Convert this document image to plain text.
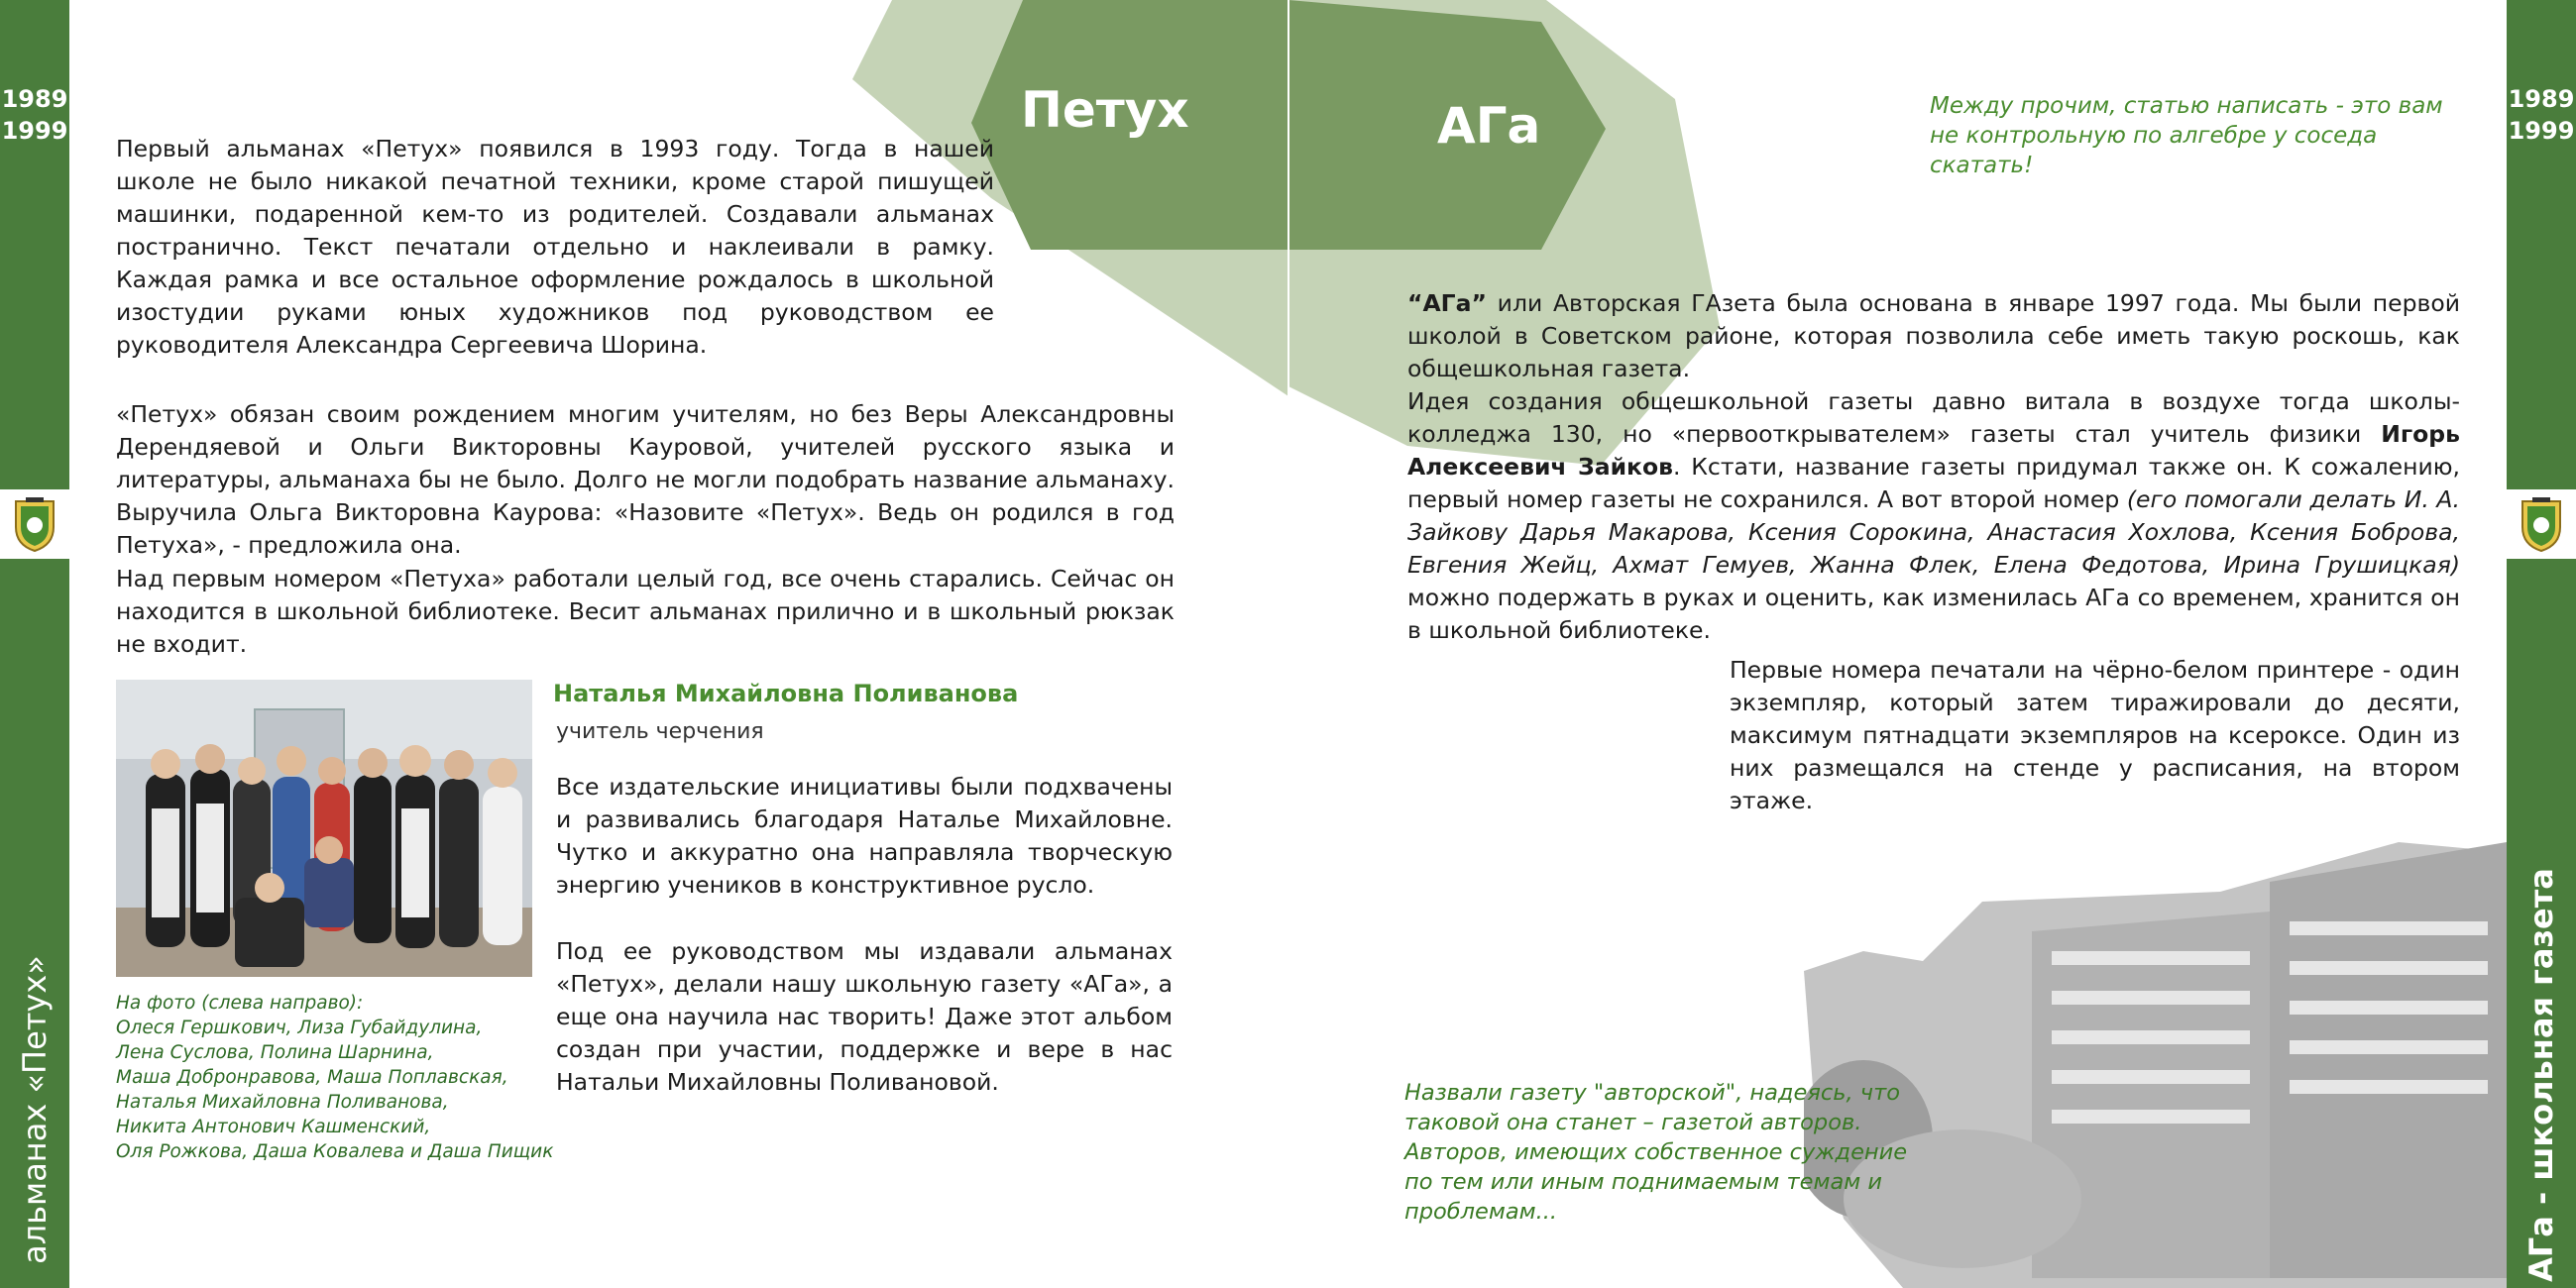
1989
1999
альманах «Петух»
1989
1999
АГа - школьная газета
Петух	АГа
Первый альманах «Петух» появился в 1993 году. Тогда в нашей школе не было никакой печатной техники, кроме старой пишущей машинки, подаренной кем-то из родителей. Создавали альманах постранично. Текст печатали отдельно и наклеивали в рамку. Каждая рамка и все остальное оформление рождалось в школьной изостудии руками юных художников под руководством ее руководителя Александра Сергеевича Шорина.
«Петух» обязан своим рождением многим учителям, но без Веры Александровны Дерендяевой и Ольги Викторовны Кауровой, учителей русского языка и литературы, альманаха бы не было. Долго не могли подобрать название альманаху. Выручила Ольга Викторовна Каурова: «Назовите «Петух». Ведь он родился в год Петуха», - предложила она.
Над первым номером «Петуха» работали целый год, все очень старались. Сейчас он находится в школьной библиотеке. Весит альманах прилично и в школьный рюкзак не входит.
На фото (слева направо):
Олеся Гершкович, Лиза Губайдулина,
Лена Суслова, Полина Шарнина,
Маша Добронравова, Маша Поплавская,
Наталья Михайловна Поливанова,
Никита Антонович Кашменский,
Оля Рожкова, Даша Ковалева и Даша Пищик
Наталья Михайловна Поливанова
учитель черчения
Все издательские инициативы были подхвачены и развивались благодаря Наталье Михайловне. Чутко и аккуратно она направляла творческую энергию учеников в конструктивное русло.
Под ее руководством мы издавали альманах «Петух», делали нашу школьную газету «АГа», а еще она научила нас творить! Даже этот альбом создан при участии, поддержке и вере в нас Натальи Михайловны Поливановой.
Между прочим, статью написать - это вам
не контрольную по алгебре у соседа скатать!
“АГа” или Авторская ГАзета была основана в январе 1997 года. Мы были первой школой в Советском районе, которая позволила себе иметь такую роскошь, как общешкольная газета.
Идея создания общешкольной газеты давно витала в воздухе тогда школы-колледжа 130, но «первооткрывателем» газеты стал учитель физики Игорь Алексеевич Зайков. Кстати, название газеты придумал также он. К сожалению, первый номер газеты не сохранился. А вот второй номер (его помогали делать И. А. Зайкову Дарья Макарова, Ксения Сорокина, Анастасия Хохлова, Ксения Боброва, Евгения Жейц, Ахмат Гемуев, Жанна Флек, Елена Федотова, Ирина Грушицкая) можно подержать в руках и оценить, как изменилась АГа со временем, хранится он в школьной библиотеке.
Первые номера печатали на чёрно-белом принтере - один экземпляр, который затем тиражировали до десяти, максимум пятнадцати экземпляров на ксероксе. Один из них размещался на стенде у расписания, на втором этаже.
Назвали газету "авторской", надеясь, что
таковой она станет – газетой авторов.
Авторов, имеющих собственное суждение
по тем или иным поднимаемым темам и проблемам...
